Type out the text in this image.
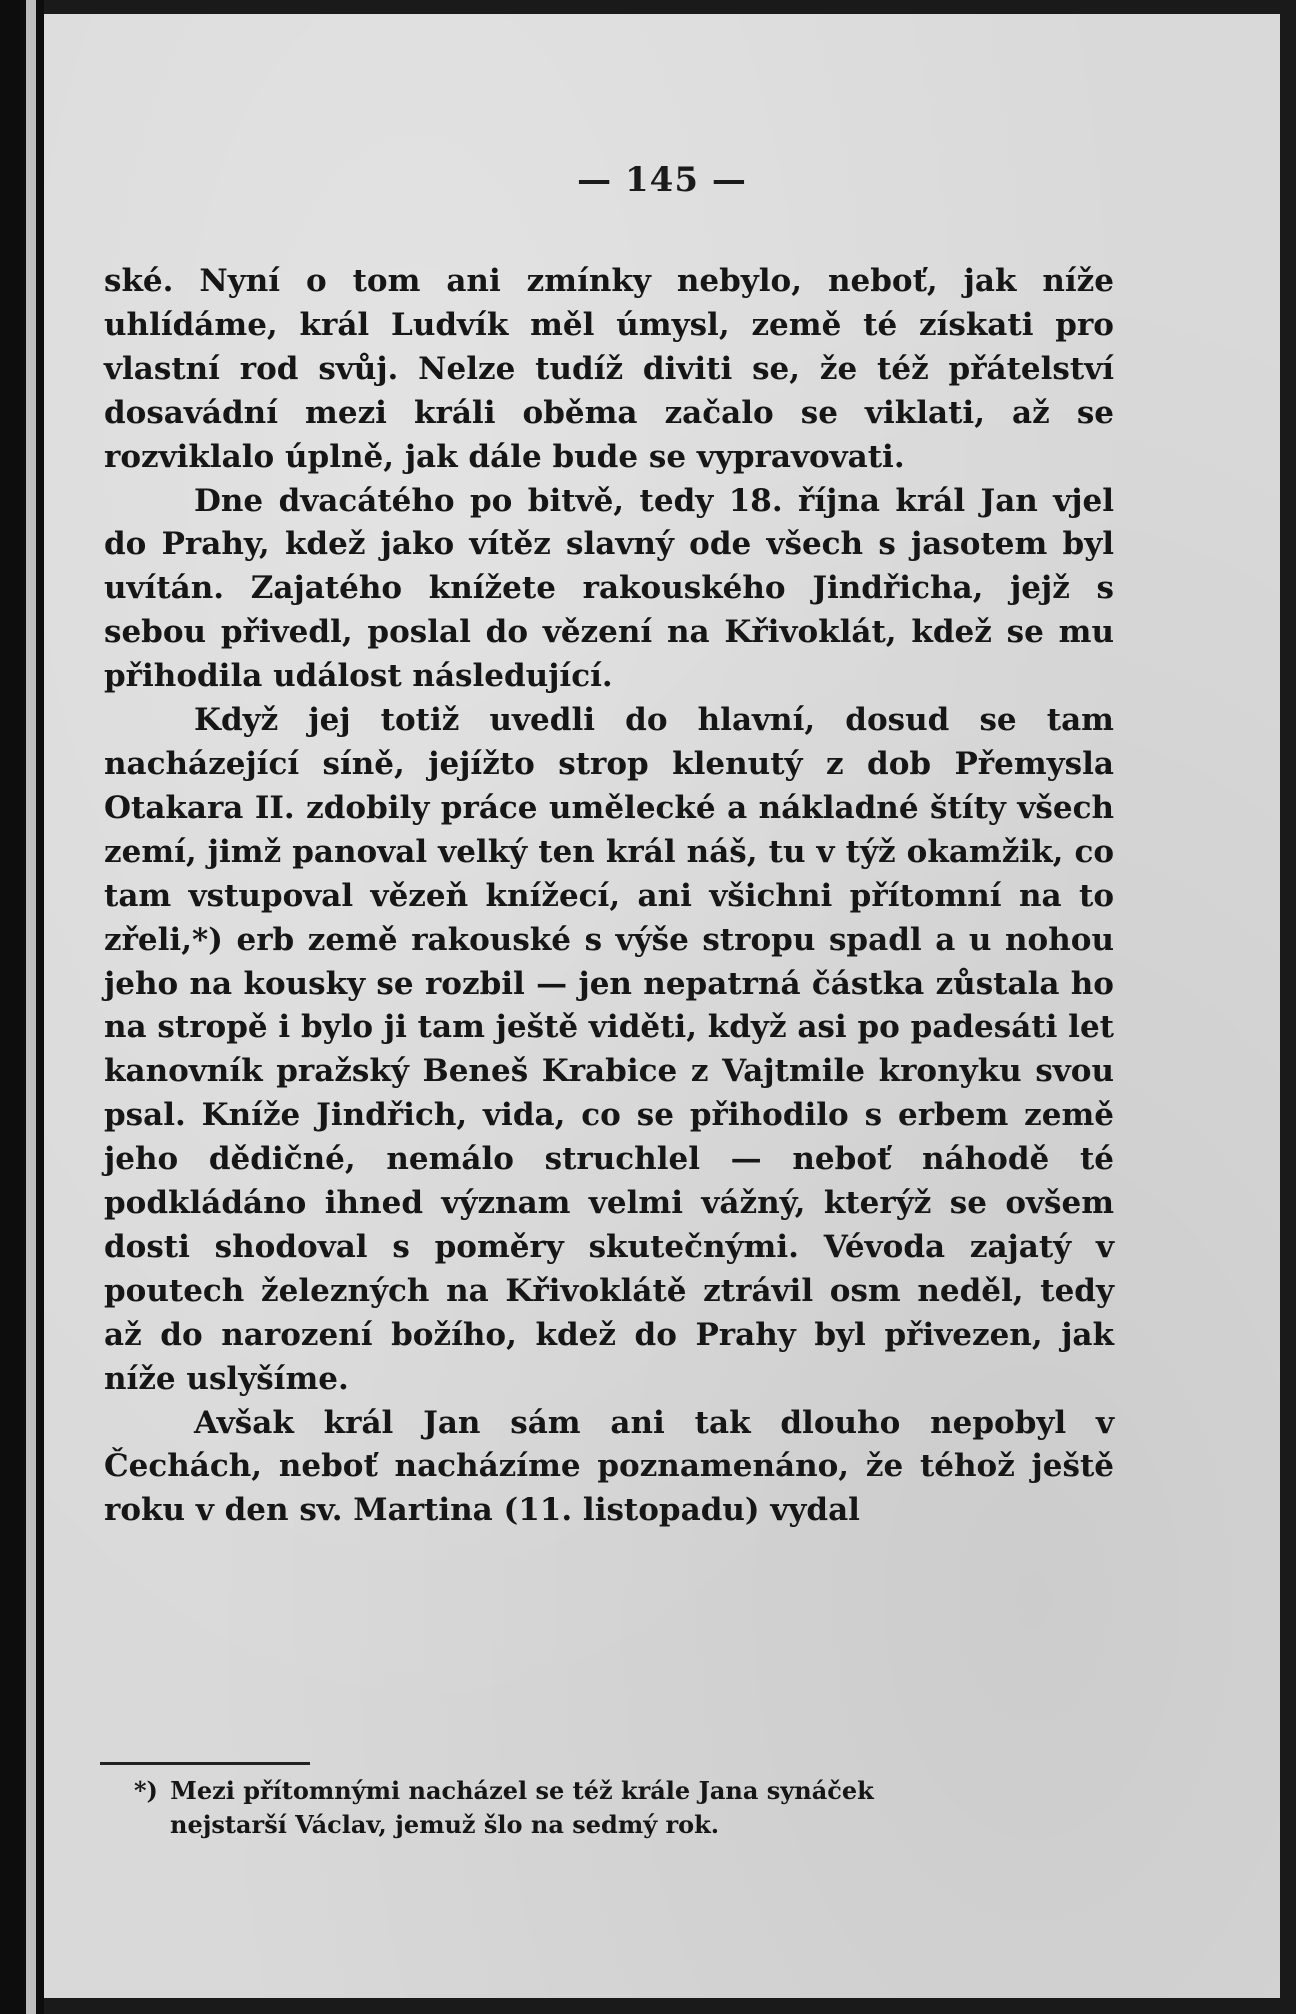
— 145 —

ské. Nyní o tom ani zmínky nebylo, neboť, jak níže uhlídáme, král Ludvík měl úmysl, země té získati pro vlastní rod svůj. Nelze tudíž diviti se, že též přátelství dosavádní mezi králi oběma začalo se viklati, až se rozviklalo úplně, jak dále bude se vypravovati.

Dne dvacátého po bitvě, tedy 18. října král Jan vjel do Prahy, kdež jako vítěz slavný ode všech s jasotem byl uvítán. Zajatého knížete rakouského Jindřicha, jejž s sebou přivedl, poslal do vězení na Křivoklát, kdež se mu přihodila událost následující.

Když jej totiž uvedli do hlavní, dosud se tam nacházející síně, jejížto strop klenutý z dob Přemysla Otakara II. zdobily práce umělecké a nákladné štíty všech zemí, jimž panoval velký ten král náš, tu v týž okamžik, co tam vstupoval vězeň knížecí, ani všichni přítomní na to zřeli,*) erb země rakouské s výše stropu spadl a u nohou jeho na kousky se rozbil — jen nepatrná částka zůstala ho na stropě i bylo ji tam ještě viděti, když asi po padesáti let kanovník pražský Beneš Krabice z Vajtmile kronyku svou psal. Kníže Jindřich, vida, co se přihodilo s erbem země jeho dědičné, nemálo struchlel — neboť náhodě té podkládáno ihned význam velmi vážný, kterýž se ovšem dosti shodoval s poměry skutečnými. Vévoda zajatý v poutech železných na Křivoklátě ztrávil osm neděl, tedy až do narození božího, kdež do Prahy byl přivezen, jak níže uslyšíme.

Avšak král Jan sám ani tak dlouho nepobyl v Čechách, neboť nacházíme poznamenáno, že téhož ještě roku v den sv. Martina (11. listopadu) vydal

*) Mezi přítomnými nacházel se též krále Jana synáček

nejstarší Václav, jemuž šlo na sedmý rok.
